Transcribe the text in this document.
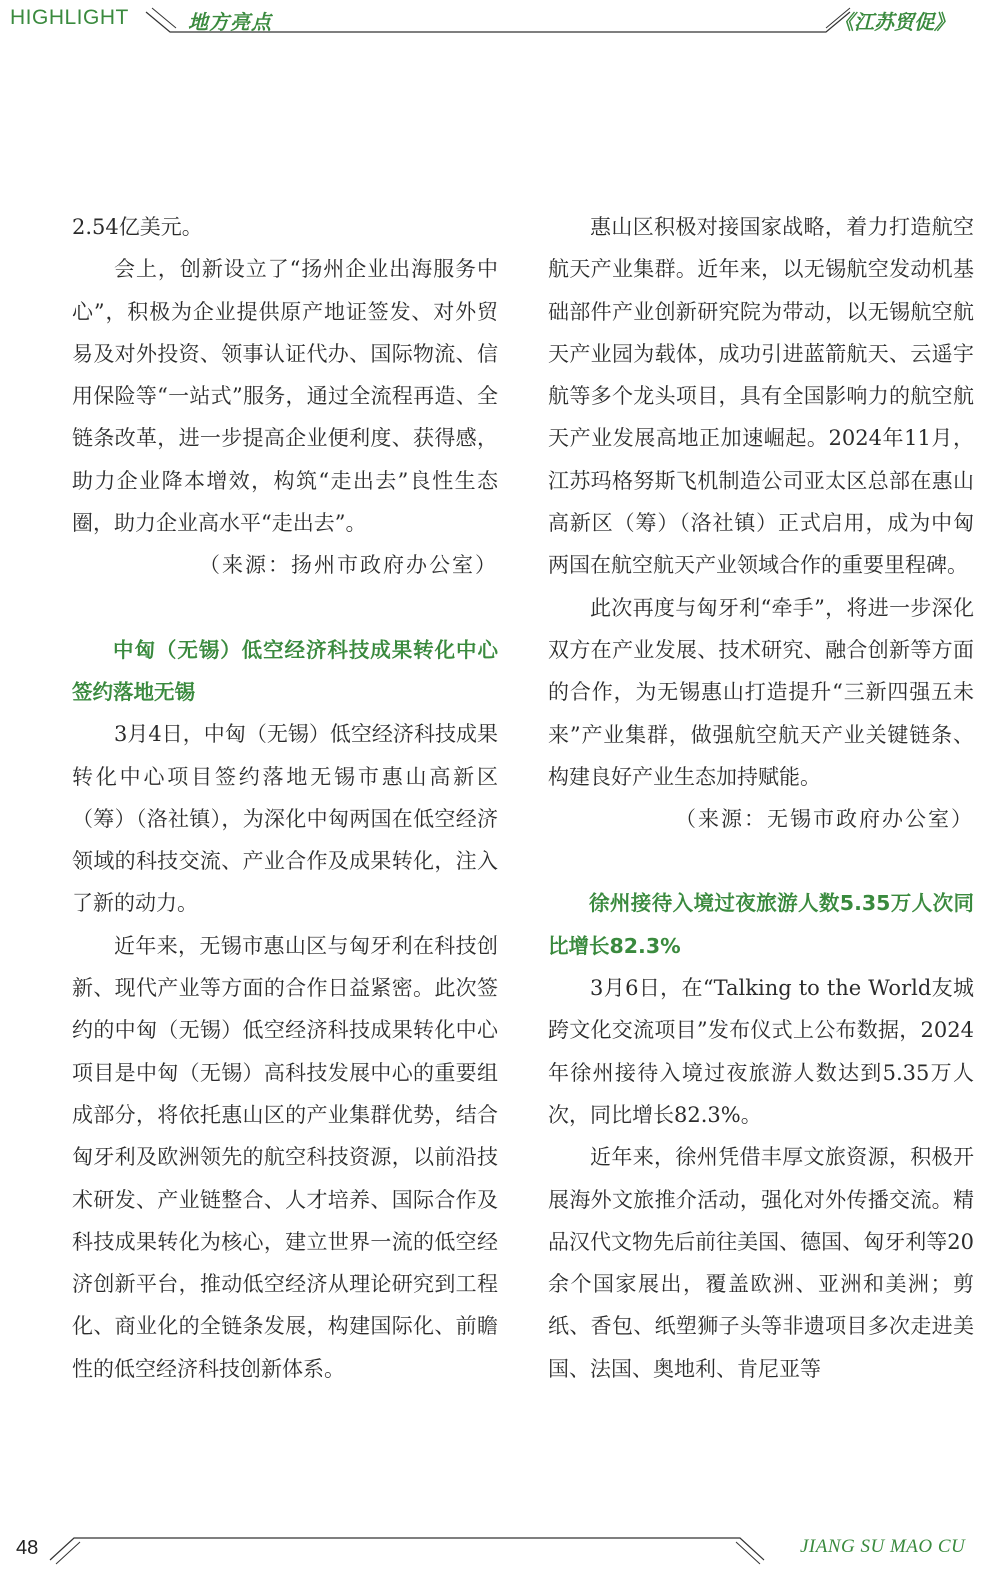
HIGHLIGHT	地方亮点	《江苏贸促》

2.54亿美元。

会上，创新设立了“扬州企业出海服务中心”，积极为企业提供原产地证签发、对外贸易及对外投资、领事认证代办、国际物流、信用保险等“一站式”服务，通过全流程再造、全链条改革，进一步提高企业便利度、获得感，助力企业降本增效，构筑“走出去”良性生态圈，助力企业高水平“走出去”。

（来源：扬州市政府办公室）

中匈（无锡）低空经济科技成果转化中心签约落地无锡

3月4日，中匈（无锡）低空经济科技成果转化中心项目签约落地无锡市惠山高新区（筹）（洛社镇），为深化中匈两国在低空经济领域的科技交流、产业合作及成果转化，注入了新的动力。

近年来，无锡市惠山区与匈牙利在科技创新、现代产业等方面的合作日益紧密。此次签约的中匈（无锡）低空经济科技成果转化中心项目是中匈（无锡）高科技发展中心的重要组成部分，将依托惠山区的产业集群优势，结合匈牙利及欧洲领先的航空科技资源，以前沿技术研发、产业链整合、人才培养、国际合作及科技成果转化为核心，建立世界一流的低空经济创新平台，推动低空经济从理论研究到工程化、商业化的全链条发展，构建国际化、前瞻性的低空经济科技创新体系。

惠山区积极对接国家战略，着力打造航空航天产业集群。近年来，以无锡航空发动机基础部件产业创新研究院为带动，以无锡航空航天产业园为载体，成功引进蓝箭航天、云遥宇航等多个龙头项目，具有全国影响力的航空航天产业发展高地正加速崛起。2024年11月，江苏玛格努斯飞机制造公司亚太区总部在惠山高新区（筹）（洛社镇）正式启用，成为中匈两国在航空航天产业领域合作的重要里程碑。

此次再度与匈牙利“牵手”，将进一步深化双方在产业发展、技术研究、融合创新等方面的合作，为无锡惠山打造提升“三新四强五未来”产业集群，做强航空航天产业关键链条、构建良好产业生态加持赋能。

（来源：无锡市政府办公室）

徐州接待入境过夜旅游人数5.35万人次同比增长82.3%

3月6日，在“Talking to the World友城跨文化交流项目”发布仪式上公布数据，2024年徐州接待入境过夜旅游人数达到5.35万人次，同比增长82.3%。

近年来，徐州凭借丰厚文旅资源，积极开展海外文旅推介活动，强化对外传播交流。精品汉代文物先后前往美国、德国、匈牙利等20余个国家展出，覆盖欧洲、亚洲和美洲；剪纸、香包、纸塑狮子头等非遗项目多次走进美国、法国、奥地利、肯尼亚等

48	JIANG SU MAO CU
